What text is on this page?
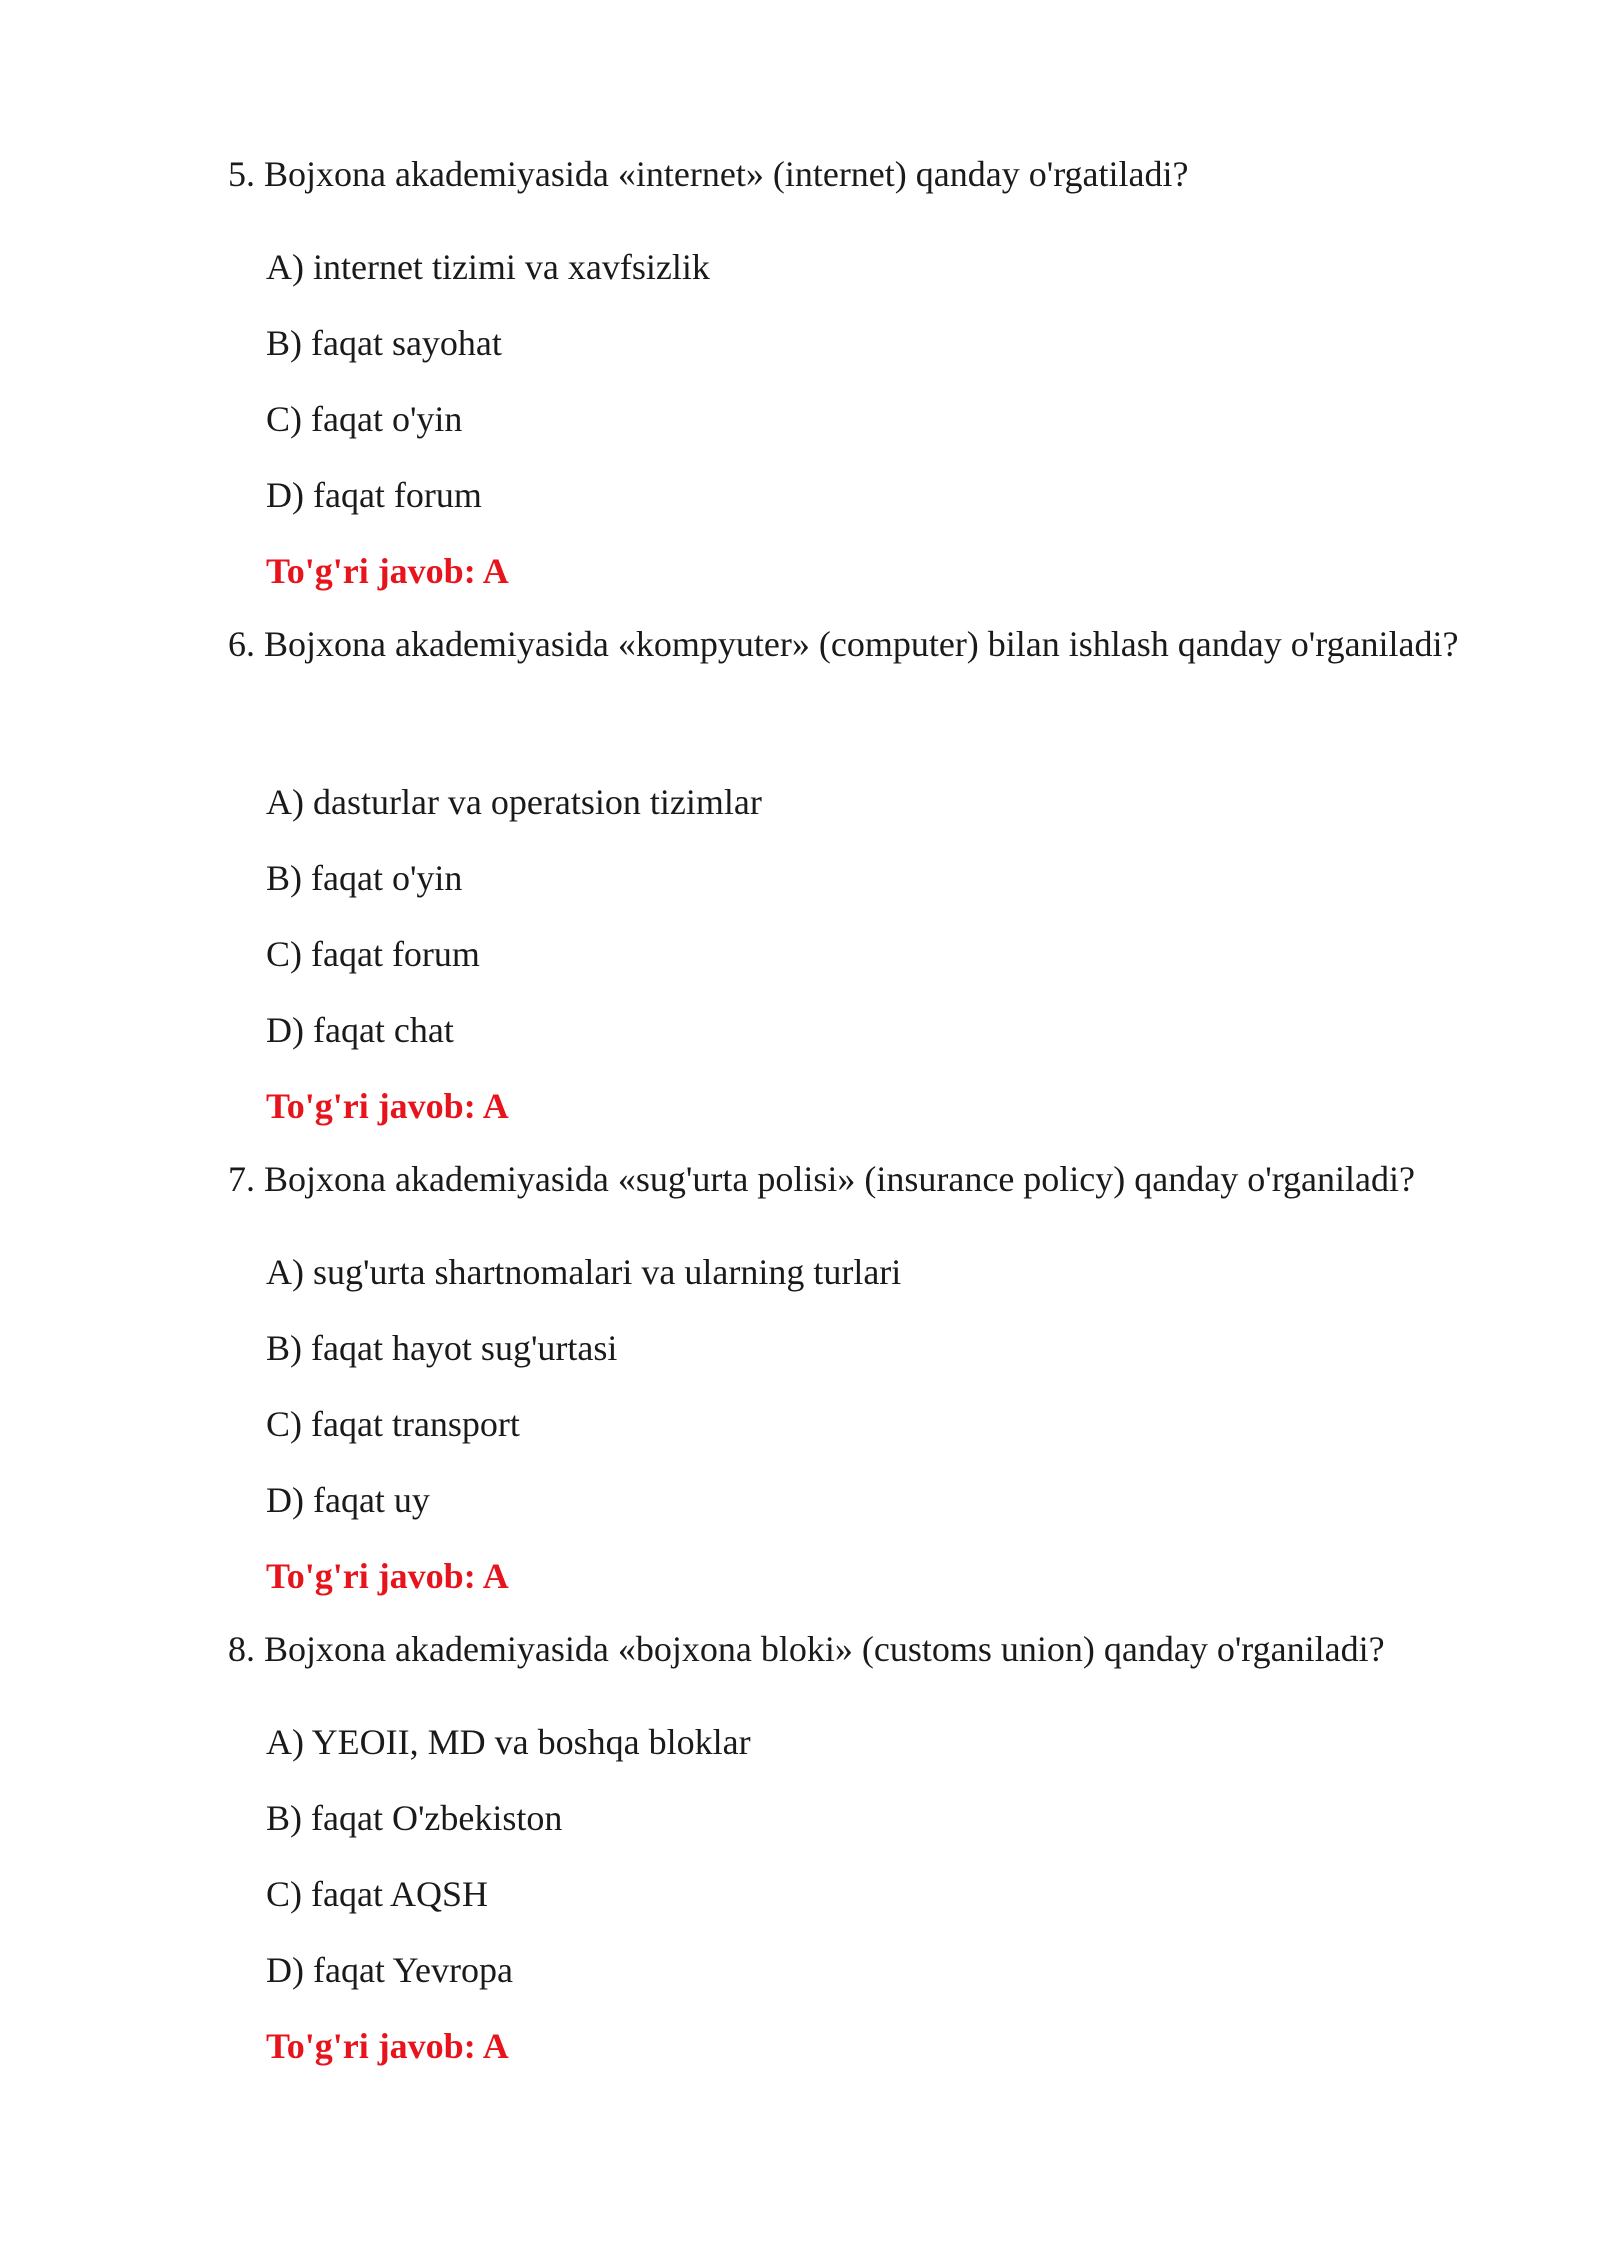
5. Bojxona akademiyasida «internet» (internet) qanday o'rgatiladi?
A) internet tizimi va xavfsizlik
B) faqat sayohat
C) faqat o'yin
D) faqat forum
To'g'ri javob: A
6. Bojxona akademiyasida «kompyuter» (computer) bilan ishlash qanday o'rganiladi?
A) dasturlar va operatsion tizimlar
B) faqat o'yin
C) faqat forum
D) faqat chat
To'g'ri javob: A
7. Bojxona akademiyasida «sug'urta polisi» (insurance policy) qanday o'rganiladi?
A) sug'urta shartnomalari va ularning turlari
B) faqat hayot sug'urtasi
C) faqat transport
D) faqat uy
To'g'ri javob: A
8. Bojxona akademiyasida «bojxona bloki» (customs union) qanday o'rganiladi?
A) YEOII, MD va boshqa bloklar
B) faqat O'zbekiston
C) faqat AQSH
D) faqat Yevropa
To'g'ri javob: A
